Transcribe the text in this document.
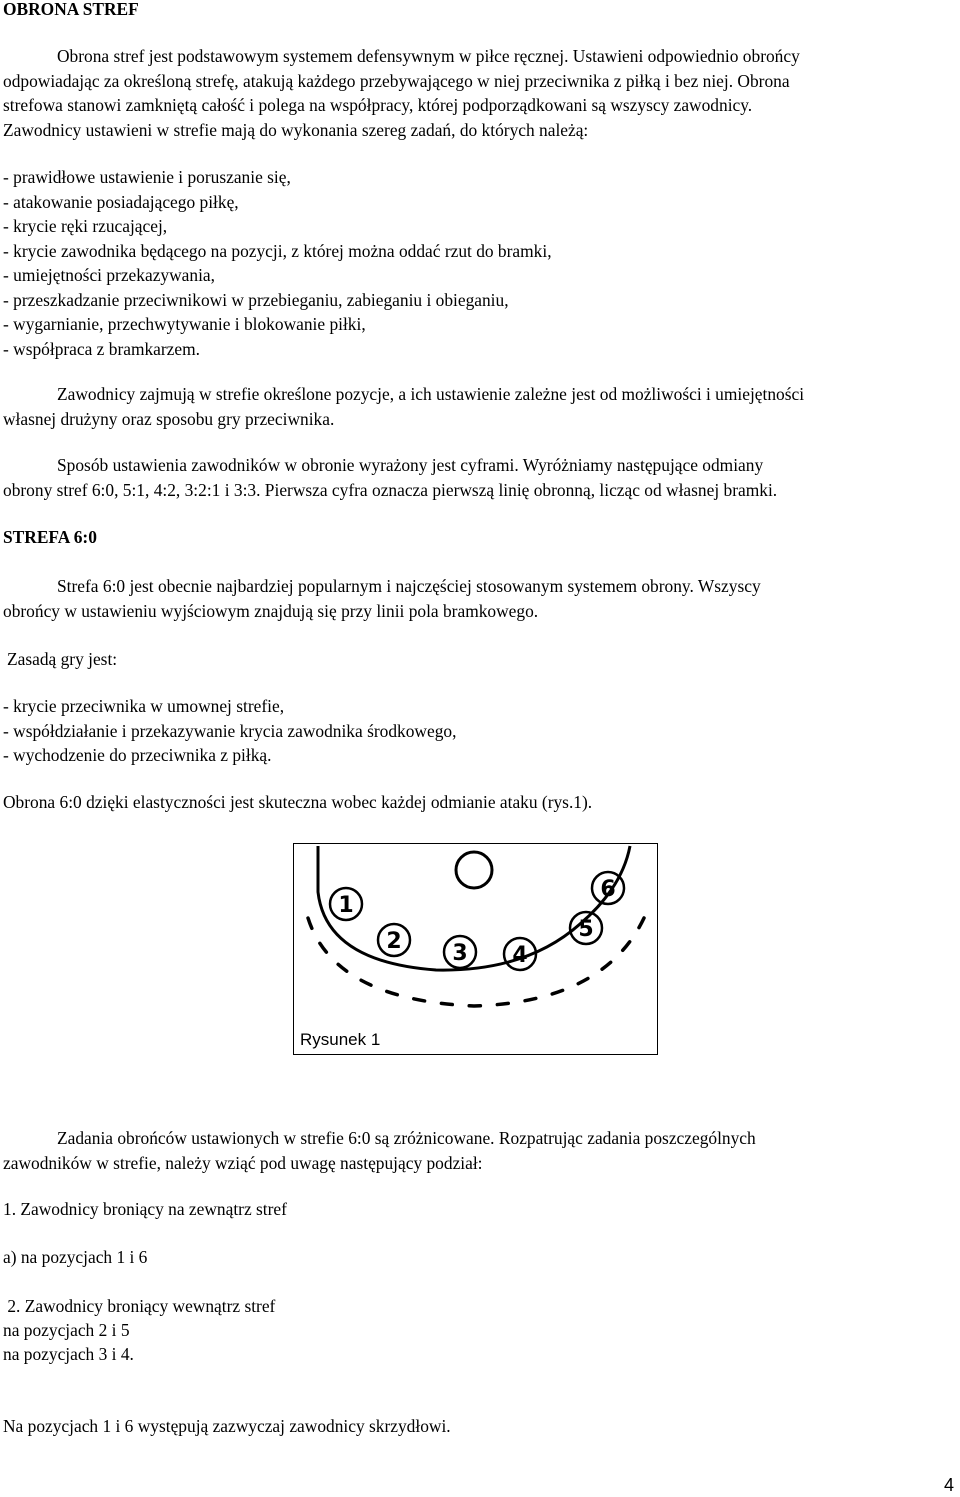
OBRONA STREF
Obrona stref jest podstawowym systemem defensywnym w piłce ręcznej. Ustawieni odpowiednio obrońcy
odpowiadając za określoną strefę, atakują każdego przebywającego w niej przeciwnika z piłką i bez niej. Obrona
strefowa stanowi zamkniętą całość i polega na współpracy, której podporządkowani są wszyscy zawodnicy.
Zawodnicy ustawieni w strefie mają do wykonania szereg zadań, do których należą:
- prawidłowe ustawienie i poruszanie się,
- atakowanie posiadającego piłkę,
- krycie ręki rzucającej,
- krycie zawodnika będącego na pozycji, z której można oddać rzut do bramki,
- umiejętności przekazywania,
- przeszkadzanie przeciwnikowi w przebieganiu, zabieganiu i obieganiu,
- wygarnianie, przechwytywanie i blokowanie piłki,
- współpraca z bramkarzem.
Zawodnicy zajmują w strefie określone pozycje, a ich ustawienie zależne jest od możliwości i umiejętności
własnej drużyny oraz sposobu gry przeciwnika.
Sposób ustawienia zawodników w obronie wyrażony jest cyframi. Wyróżniamy następujące odmiany
obrony stref 6:0, 5:1, 4:2, 3:2:1 i 3:3. Pierwsza cyfra oznacza pierwszą linię obronną, licząc od własnej bramki.
STREFA 6:0
Strefa 6:0 jest obecnie najbardziej popularnym i najczęściej stosowanym systemem obrony. Wszyscy
obrońcy w ustawieniu wyjściowym znajdują się przy linii pola bramkowego.
Zasadą gry jest:
- krycie przeciwnika w umownej strefie,
- współdziałanie i przekazywanie krycia zawodnika środkowego,
- wychodzenie do przeciwnika z piłką.
Obrona 6:0 dzięki elastyczności jest skuteczna wobec każdej odmianie ataku (rys.1).
1
2 3 4
5
6
Rysunek 1
Zadania obrońców ustawionych w strefie 6:0 są zróżnicowane. Rozpatrując zadania poszczególnych
zawodników w strefie, należy wziąć pod uwagę następujący podział:
1. Zawodnicy broniący na zewnątrz stref
a) na pozycjach 1 i 6
2. Zawodnicy broniący wewnątrz stref
na pozycjach 2 i 5
na pozycjach 3 i 4.
Na pozycjach 1 i 6 występują zazwyczaj zawodnicy skrzydłowi.
4
